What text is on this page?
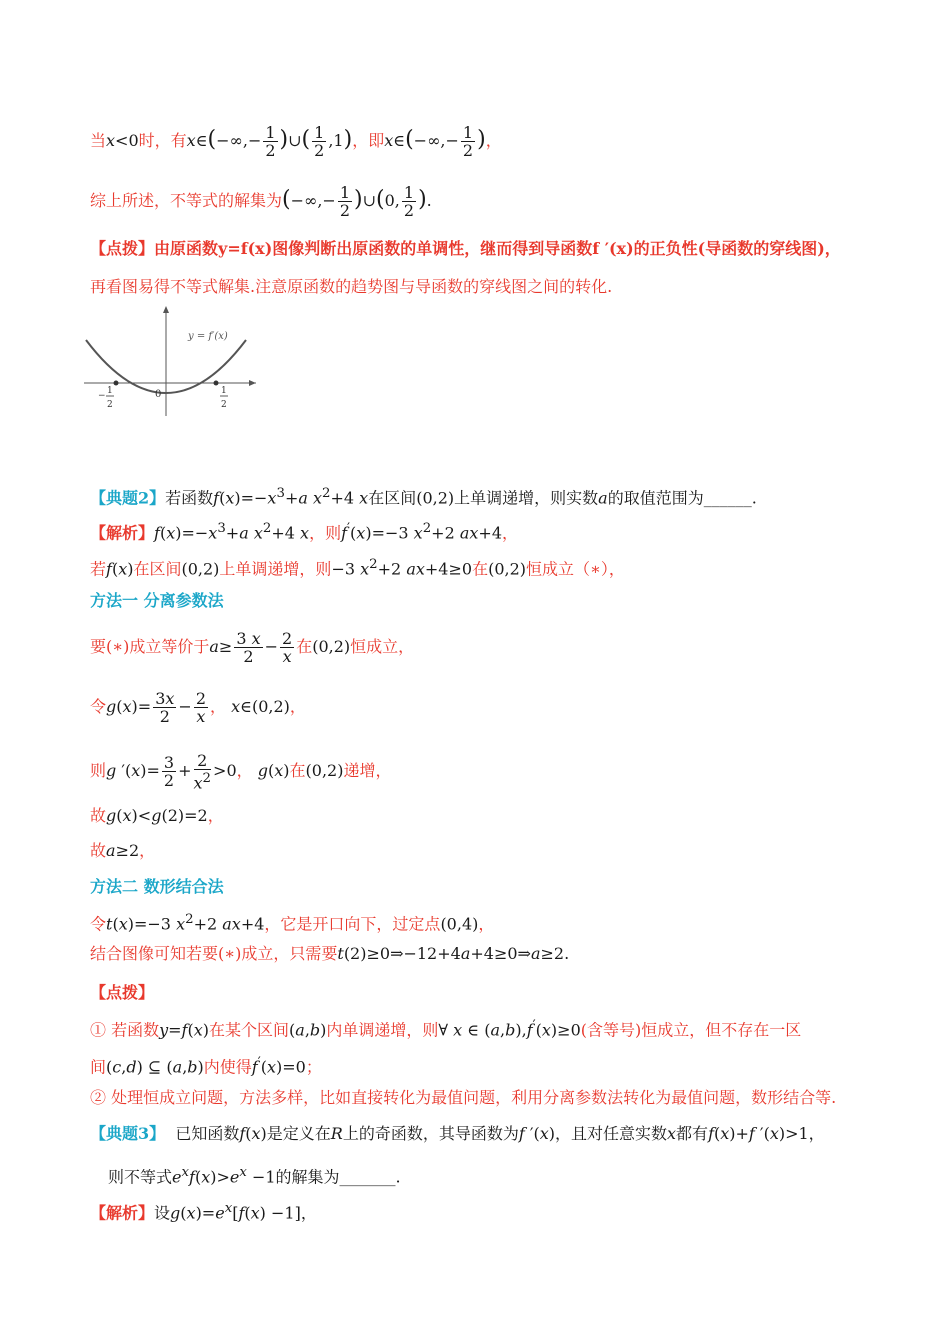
当x<0时，有x∈(−∞,− $\frac{1}{2}$ )∪( $\frac{1}{2} ,1$)，即x∈(−∞,− $\frac{1}{2}$ )，
综上所述，不等式的解集为(−∞,− $\frac{1}{2}$ )∪(0, $\frac{1}{2}$ ).
【点拨】由原函数y=f(x)图像判断出原函数的单调性，继而得到导函数f ′(x)的正负性(导函数的穿线图)，
再看图易得不等式解集.注意原函数的趋势图与导函数的穿线图之间的转化.
y = f′(x)
0
− 1
2
1
2
【典题2】若函数$f(x)=-x^3+a$ $x^2+4$ x在区间(0,2)上单调递增，则实数a的取值范围为______.
【解析】$f(x)=-x^3+a$ $x^2+4$ x，则f′(x)=−3 $x^2+2$ ax+4，
若f(x)在区间(0,2)上单调递增，则−3 $x^2+2$ ax+4≥0在(0,2)恒成立（∗），
方法一 分离参数法
要(∗)成立等价于$a\ge \frac{3 x}{2} - \frac{2}{x}$ 在(0,2)恒成立，
令$g(x)= \frac{3x}{2} - \frac{2}{x}$ ， x∈(0,2)，
则g $'(x)= \frac{3}{2} + \frac{2}{x^2} >0$， g(x)在(0,2)递增，
故g(x)<g(2)=2，
故a≥2，
方法二 数形结合法
令t(x)=−3 $x^2+2$ ax+4，它是开口向下，过定点(0,4)，
结合图像可知若要(∗)成立，只需要t(2)≥0⇒−12+4a+4≥0⇒a≥2.
【点拨】
① 若函数y=f(x)在某个区间(a,b)内单调递增，则∀ x ∈ (a,b),f′(x)≥0(含等号)恒成立，但不存在一区
间(c,d) ⊆ (a,b)内使得f′(x)=0；
② 处理恒成立问题，方法多样，比如直接转化为最值问题，利用分离参数法转化为最值问题，数形结合等.
【典题3】  已知函数f(x)是定义在R上的奇函数，其导函数为f ′(x)，且对任意实数x都有f(x)+f ′(x)>1，
则不等式$e^xf(x)>e^x -1$的解集为_______.
【解析】设$g(x)=e^x[f(x) -1]$，
